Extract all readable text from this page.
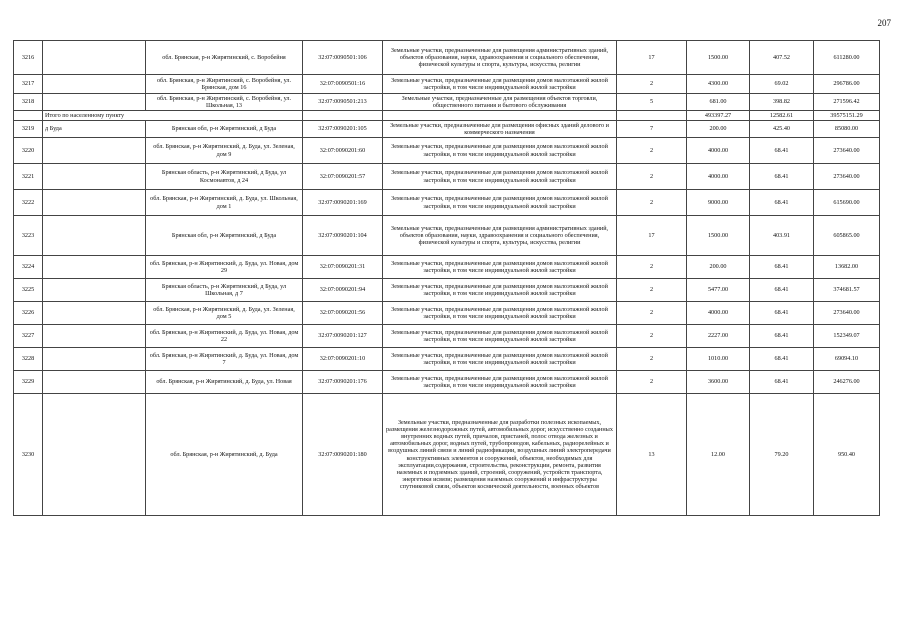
207
3216		обл. Брянская, р-н Жирятинский, с. Воробейня	32:07:0090501:106	Земельные участки, предназначенные для размещения административных зданий, объектов образования, науки, здравоохранения и социального обеспечения, физической культуры и спорта, культуры, искусства, религии	17	1500.00	407.52	611280.00
3217		обл. Брянская, р-н Жирятинский, с. Воробейня, ул. Брянская, дом 16	32:07:0090501:16	Земельные участки, предназначенные для размещения домов малоэтажной жилой застройки, в том числе индивидуальной жилой застройки	2	4300.00	69.02	296786.00
3218		обл. Брянская, р-н Жирятинский, с. Воробейня, ул. Школьная, 13	32:07:0090501:213	Земельные участки, предназначенные для размещения объектов торговли, общественного питания и бытового обслуживания	5	681.00	398.82	271596.42
	Итого по населенному пункту					493397.27	12582.61	39575151.29
3219	д Буда	Брянская обл, р-н Жирятинский, д Буда	32:07:0090201:105	Земельные участки, предназначенные для размещения офисных зданий делового и коммерческого назначения	7	200.00	425.40	85080.00
3220		обл. Брянская, р-н Жирятинский, д. Буда, ул. Зеленая, дом 9	32:07:0090201:60	Земельные участки, предназначенные для размещения домов малоэтажной жилой застройки, в том числе индивидуальной жилой застройки	2	4000.00	68.41	273640.00
3221		Брянская область, р-н Жирятинский, д Буда, ул Космонавтов, д 24	32:07:0090201:57	Земельные участки, предназначенные для размещения домов малоэтажной жилой застройки, в том числе индивидуальной жилой застройки	2	4000.00	68.41	273640.00
3222		обл. Брянская, р-н Жирятинский, д. Буда, ул. Школьная, дом 1	32:07:0090201:169	Земельные участки, предназначенные для размещения домов малоэтажной жилой застройки, в том числе индивидуальной жилой застройки	2	9000.00	68.41	615690.00
3223		Брянская обл, р-н Жирятинский, д Буда	32:07:0090201:104	Земельные участки, предназначенные для размещения административных зданий, объектов образования, науки, здравоохранения и социального обеспечения, физической культуры и спорта, культуры, искусства, религии	17	1500.00	403.91	605865.00
3224		обл. Брянская, р-н Жирятинский, д. Буда, ул. Новая, дом 29	32:07:0090201:31	Земельные участки, предназначенные для размещения домов малоэтажной жилой застройки, в том числе индивидуальной жилой застройки	2	200.00	68.41	13682.00
3225		Брянская область, р-н Жирятинский, д Буда, ул Школьная, д 7	32:07:0090201:94	Земельные участки, предназначенные для размещения домов малоэтажной жилой застройки, в том числе индивидуальной жилой застройки	2	5477.00	68.41	374681.57
3226		обл. Брянская, р-н Жирятинский, д. Буда, ул. Зеленая, дом 5	32:07:0090201:56	Земельные участки, предназначенные для размещения домов малоэтажной жилой застройки, в том числе индивидуальной жилой застройки	2	4000.00	68.41	273640.00
3227		обл. Брянская, р-н Жирятинский, д. Буда, ул. Новая, дом 22	32:07:0090201:127	Земельные участки, предназначенные для размещения домов малоэтажной жилой застройки, в том числе индивидуальной жилой застройки	2	2227.00	68.41	152349.07
3228		обл. Брянская, р-н Жирятинский, д. Буда, ул. Новая, дом 7	32:07:0090201:10	Земельные участки, предназначенные для размещения домов малоэтажной жилой застройки, в том числе индивидуальной жилой застройки	2	1010.00	68.41	69094.10
3229		обл. Брянская, р-н Жирятинский, д. Буда, ул. Новая	32:07:0090201:176	Земельные участки, предназначенные для размещения домов малоэтажной жилой застройки, в том числе индивидуальной жилой застройки	2	3600.00	68.41	246276.00
3230		обл. Брянская, р-н Жирятинский, д. Буда	32:07:0090201:180	Земельные участки, предназначенные для разработки полезных ископаемых, размещения железнодорожных путей, автомобильных дорог, искусственно созданных внутренних водных путей, причалов, пристаней, полос отвода железных и автомобильных дорог, водных путей, трубопроводов, кабельных, радиорелейных и воздушных линий связи и линий радиофикации, воздушных линий электропередачи конструктивных элементов и сооружений, объектов, необходимых для эксплуатации,содержания, строительства, реконструкции, ремонта, развития наземных и подземных зданий, строений, сооружений, устройств транспорта, энергетики исвязи; размещения наземных сооружений и инфраструктуры спутниковой связи, объектов космической деятельности, военных объектов	13	12.00	79.20	950.40
